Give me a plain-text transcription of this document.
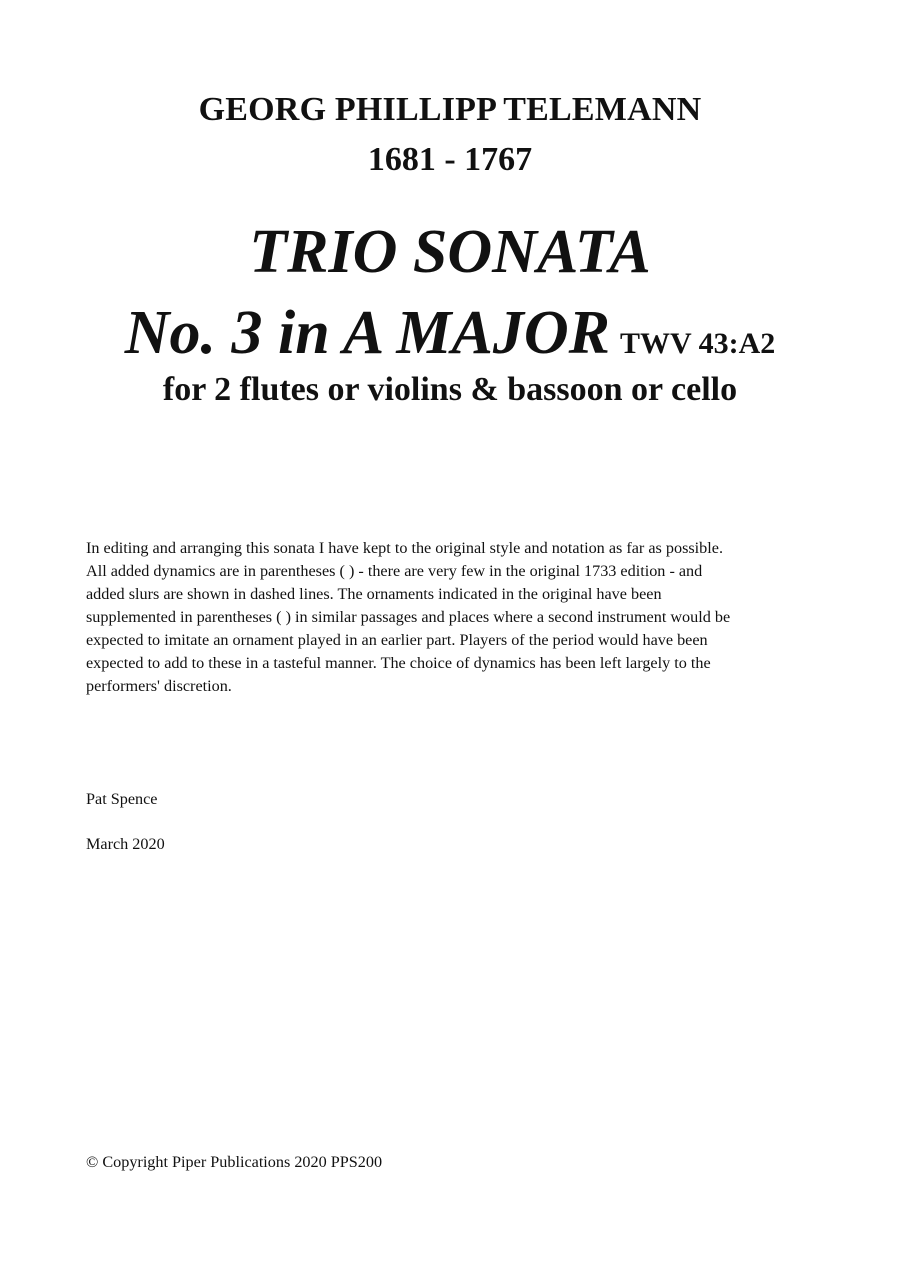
GEORG PHILLIPP TELEMANN
1681 - 1767
TRIO SONATA
No. 3 in A MAJOR TWV 43:A2
for 2 flutes or violins & bassoon or cello

In editing and arranging this sonata I have kept to the original style and notation as far as possible.

All added dynamics are in parentheses ( ) - there are very few in the original 1733 edition - and

added slurs are shown in dashed lines. The ornaments indicated in the original have been

supplemented in parentheses ( ) in similar passages and places where a second instrument would be

expected to imitate an ornament played in an earlier part. Players of the period would have been

expected to add to these in a tasteful manner. The choice of dynamics has been left largely to the

performers' discretion.

Pat Spence
March 2020
© Copyright Piper Publications 2020 PPS200
